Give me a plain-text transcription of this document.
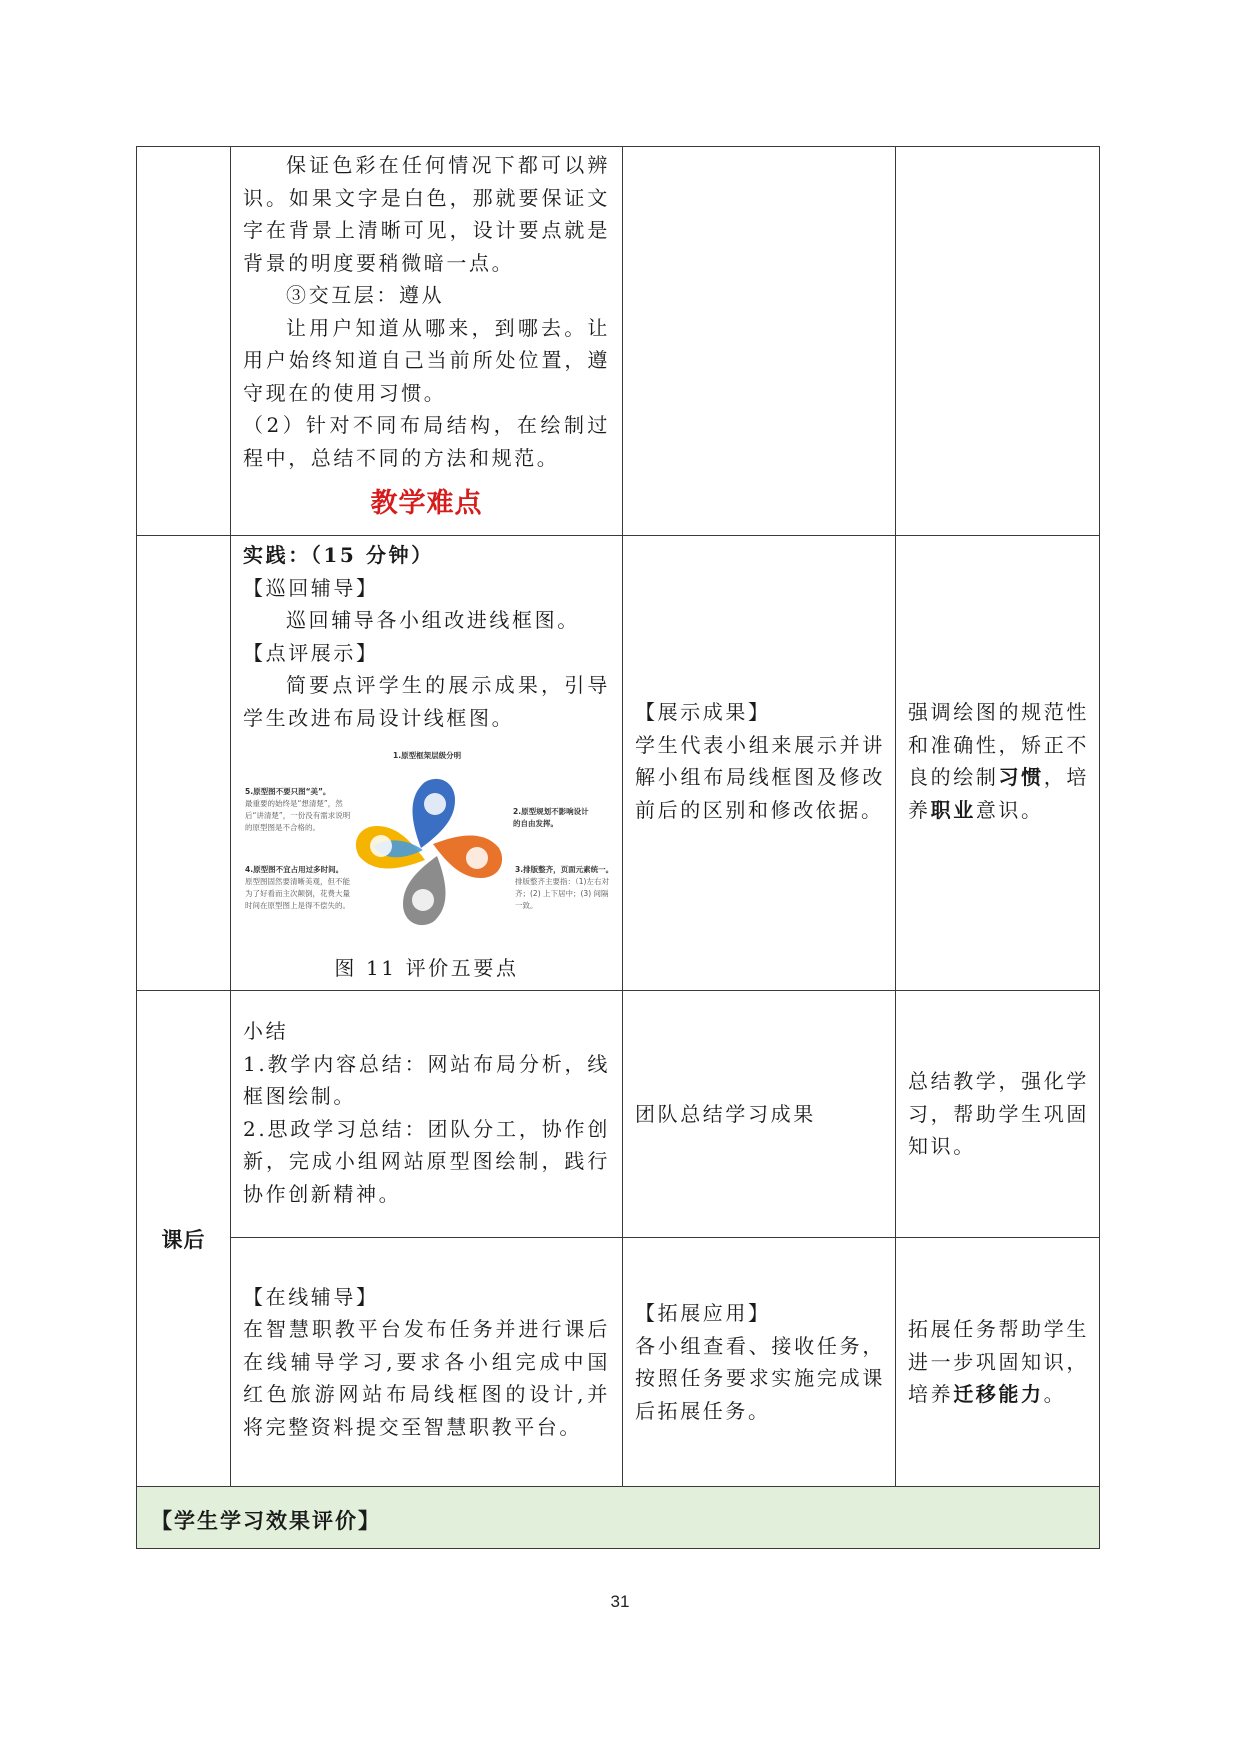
保证色彩在任何情况下都可以辨识。如果文字是白色，那就要保证文字在背景上清晰可见，设计要点就是背景的明度要稍微暗一点。

③交互层：遵从

让用户知道从哪来，到哪去。让用户始终知道自己当前所处位置，遵守现在的使用习惯。

（2）针对不同布局结构，在绘制过程中，总结不同的方法和规范。

教学难点

实践：（15 分钟）

【巡回辅导】

巡回辅导各小组改进线框图。

【点评展示】

简要点评学生的展示成果，引导学生改进布局设计线框图。

1.原型框架层级分明
2.原型规划不影响设计
的自由发挥。
3.排版整齐，页面元素统一。
排版整齐主要指：（1)左右对齐；(2) 上下居中；(3) 间隔一致。
4.原型图不宜占用过多时间。
原型图固然要清晰美观，但不能为了好看而主次颠倒，花费大量时间在原型图上是得不偿失的。
5.原型图不要只图“美”。
最重要的始终是“想清楚”，然后“讲清楚”，一份没有需求说明的原型图是不合格的。

图 11 评价五要点

【展示成果】

学生代表小组来展示并讲解小组布局线框图及修改前后的区别和修改依据。

强调绘图的规范性和准确性，矫正不良的绘制习惯，培养职业意识。

课后

小结

1.教学内容总结：网站布局分析，线框图绘制。

2.思政学习总结：团队分工，协作创新，完成小组网站原型图绘制，践行协作创新精神。

团队总结学习成果

总结教学，强化学习，帮助学生巩固知识。

【在线辅导】

在智慧职教平台发布任务并进行课后在线辅导学习,要求各小组完成中国红色旅游网站布局线框图的设计,并将完整资料提交至智慧职教平台。

【拓展应用】

各小组查看、接收任务，按照任务要求实施完成课后拓展任务。

拓展任务帮助学生进一步巩固知识，培养迁移能力。

【学生学习效果评价】
31
